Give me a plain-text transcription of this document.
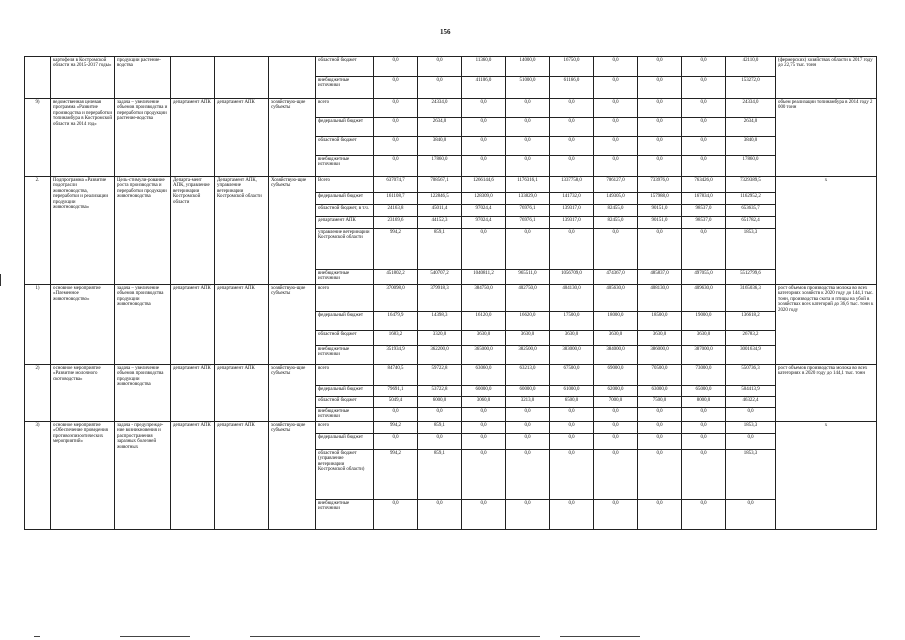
156
	картофеля в Костромской области на 2015-2017 годы»	продукции растение-водства				областной бюджет	0,0	0,0	11360,0	14000,0	16750,0	0,0	0,0	0,0	42110,0	(фермерских) хозяйствах области к 2017 году до 22,75 тыс. тонн
						внебюджетные источники	0,0	0,0	41106,0	51000,0	61166,0	0,0	0,0	0,0	153272,0	
9)	ведомственная целевая программа «Развитие производства и переработки топинамбура в Костромской области на 2014 год»	задача – увеличение объемов производства и переработки продукции растение-водства	департамент АПК	департамент АПК	хозяйствую-щие субъекты	всего	0,0	24334,0	0,0	0,0	0,0	0,0	0,0	0,0	24334,0	объем реализации топинамбура в 2014 году 2 000 тонн
						федеральный бюджет	0,0	2634,0	0,0	0,0	0,0	0,0	0,0	0,0	2634,0	
						областной бюджет	0,0	3840,0	0,0	0,0	0,0	0,0	0,0	0,0	3840,0	
						внебюджетные источники	0,0	17860,0	0,0	0,0	0,0	0,0	0,0	0,0	17860,0	
2.	Подпрограмма «Развитие подотрасли животноводства, переработки и реализации продукции животноводства»	Цель-стимули-рование роста производства и переработки продукции животноводства	Департа-мент АПК, управление ветеринарии Костромской области	Департамент АПК, управление ветеринарии Костромской области	Хозяйствую-щие субъекты	Всего	637074,7	708567,1	1266144,6	1176316,1	1337758,0	706127,0	733976,0	763426,0	7329389,5	x
						федеральный бюджет	161108,7	122846,5	128309,0	133829,0	141732,0	149305,0	157988,0	167834,0	1162952,2	
						областной бюджет, в т.ч.	24163,8	45011,4	97024,4	76976,1	139317,0	82455,0	90151,0	98537,0	653635,7	
						департамент АПК	23169,6	44152,3	97024,4	76976,1	139317,0	82455,0	90151,0	98537,0	651782,4	
						управление ветеринарии Костромской области	994,2	859,1	0,0	0,0	0,0	0,0	0,0	0,0	1853,3	
						внебюджетные источники	451802,2	540707,2	1040811,2	965511,0	1056709,0	474367,0	485837,0	497055,0	5512799,6	
1)	основное мероприятие «Племенное животноводство»	задача – увеличение объемов производства продукции животноводства	департамент АПК	департамент АПК	хозяйствую-щие субъекты	всего	370098,0	379918,3	384750,0	402750,0	404130,0	405630,0	408130,0	409630,0	3165036,3	рост объемов производства молока во всех категориях хозяйств к 2020 году до 144,1 тыс. тонн, производства скота и птицы на убой в хозяйствах всех категорий до 36,6 тыс. тонн к 2020 году
						федеральный бюджет	16479,9	14398,3	16120,0	16620,0	17500,0	18000,0	18500,0	19000,0	136618,2	
						областной бюджет	1683,2	3320,0	3630,0	3630,0	3630,0	3630,0	3630,0	3630,0	26783,2	
						внебюджетные источники	351934,9	362200,0	365000,0	382500,0	383000,0	384000,0	386000,0	387000,0	3001634,9	
2)	основное мероприятие «Развитие молочного скотоводства»	задача – увеличение объемов производства продукции животноводства	департамент АПК	департамент АПК	хозяйствую-щие субъекты	всего	84740,5	59722,8	63060,0	63213,0	67500,0	69000,0	70500,0	73000,0	550736,3	рост объемов производства молока во всех категориях в 2020 году до 144,1 тыс. тонн
						федеральный бюджет	79691,1	53722,8	60000,0	60000,0	61000,0	62000,0	63000,0	65000,0	504413,9	
						областной бюджет	5049,4	6000,0	3060,0	3213,0	6500,0	7000,0	7500,0	8000,0	46322,4	
						внебюджетные источники	0,0	0,0	0,0	0,0	0,0	0,0	0,0	0,0	0,0	
3)	основное мероприятие «Обеспечение проведения противоэпизоотических мероприятий»	задача - предупрежде-ние возникновения и распространения заразных болезней животных	департамент АПК	департамент АПК	хозяйствую-щие субъекты	всего	994,2	859,1	0,0	0,0	0,0	0,0	0,0	0,0	1853,3	x
						федеральный бюджет	0,0	0,0	0,0	0,0	0,0	0,0	0,0	0,0	0,0	
						областной бюджет (управление ветеринарии Костромской области)	994,2	859,1	0,0	0,0	0,0	0,0	0,0	0,0	1853,3	
						внебюджетные источники	0,0	0,0	0,0	0,0	0,0	0,0	0,0	0,0	0,0	
